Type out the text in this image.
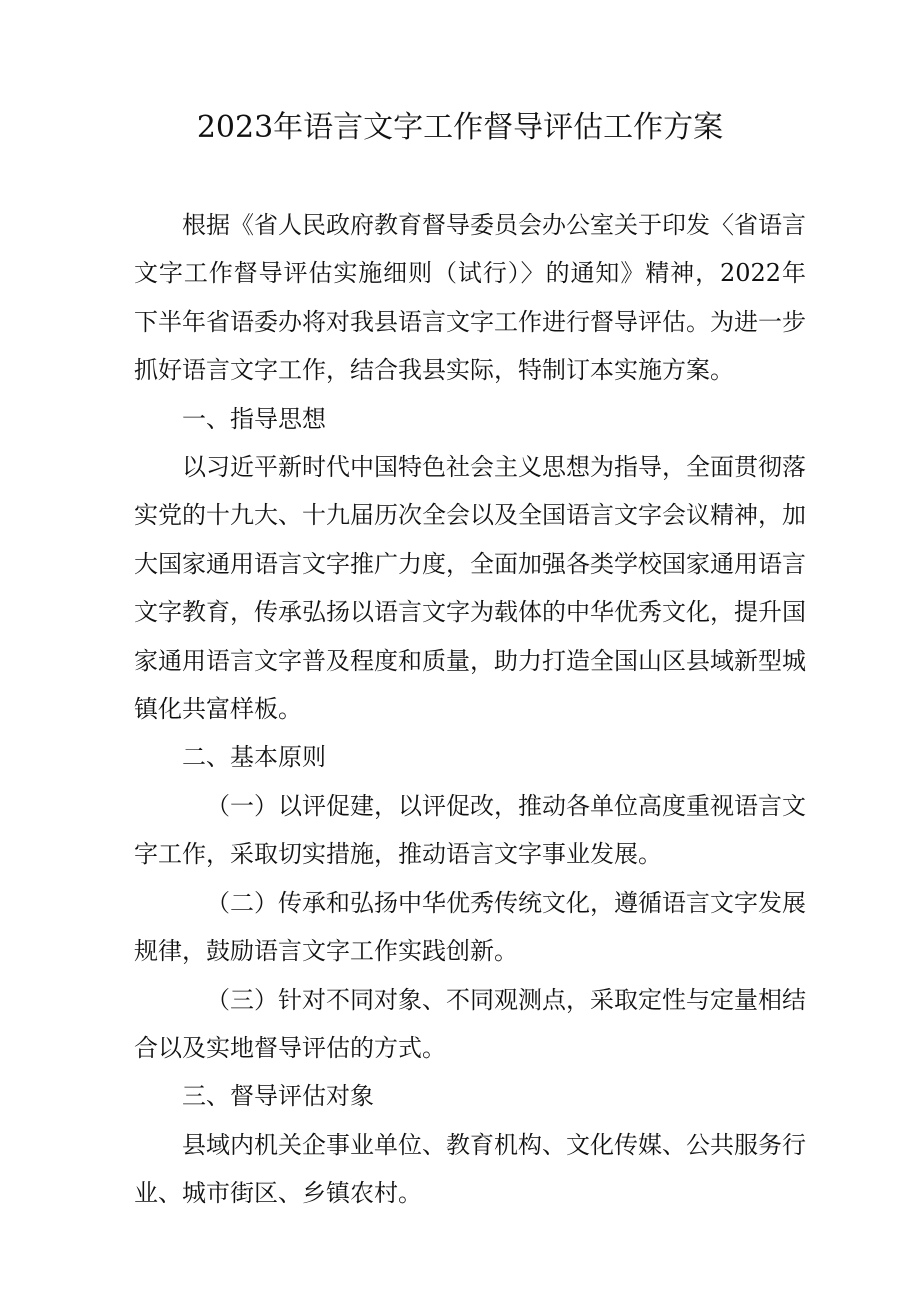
2023年语言文字工作督导评估工作方案

根据《省人民政府教育督导委员会办公室关于印发〈省语言文字工作督导评估实施细则（试行）〉的通知》精神，2022年下半年省语委办将对我县语言文字工作进行督导评估。为进一步抓好语言文字工作，结合我县实际，特制订本实施方案。

一、指导思想

以习近平新时代中国特色社会主义思想为指导，全面贯彻落实党的十九大、十九届历次全会以及全国语言文字会议精神，加大国家通用语言文字推广力度，全面加强各类学校国家通用语言文字教育，传承弘扬以语言文字为载体的中华优秀文化，提升国家通用语言文字普及程度和质量，助力打造全国山区县域新型城镇化共富样板。

二、基本原则

（一）以评促建，以评促改，推动各单位高度重视语言文字工作，采取切实措施，推动语言文字事业发展。

（二）传承和弘扬中华优秀传统文化，遵循语言文字发展规律，鼓励语言文字工作实践创新。

（三）针对不同对象、不同观测点，采取定性与定量相结合以及实地督导评估的方式。

三、督导评估对象

县域内机关企事业单位、教育机构、文化传媒、公共服务行业、城市街区、乡镇农村。
